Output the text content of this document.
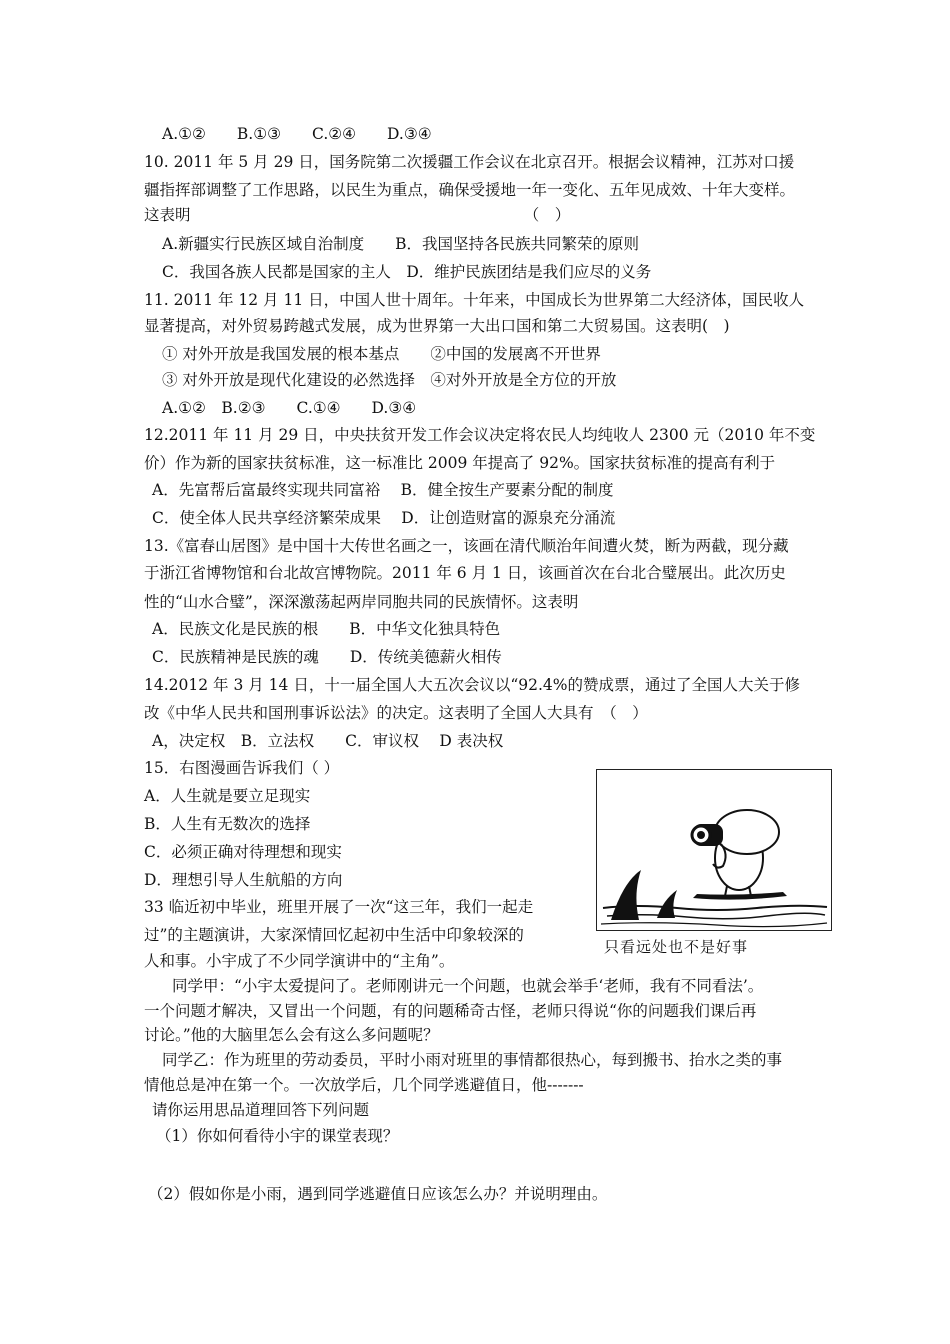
A.①②　　B.①③　　C.②④　　D.③④
10. 2011 年 5 月 29 日，国务院第二次援疆工作会议在北京召开。根据会议精神，江苏对口援
疆指挥部调整了工作思路，以民生为重点，确保受援地一年一变化、五年见成效、十年大变样。
这表明　　　　　　　　　　　　　　　　　　　　　　（　）
A.新疆实行民族区域自治制度　　B．我国坚持各民族共同繁荣的原则
C．我国各族人民都是国家的主人　D．维护民族团结是我们应尽的义务
11. 2011 年 12 月 11 日，中国人世十周年。十年来，中国成长为世界第二大经济体，国民收人
显著提高，对外贸易跨越式发展，成为世界第一大出口国和第二大贸易国。这表明(　)
① 对外开放是我国发展的根本基点　　②中国的发展离不开世界
③ 对外开放是现代化建设的必然选择　④对外开放是全方位的开放
A.①②　B.②③　　C.①④　　D.③④
12.2011 年 11 月 29 日，中央扶贫开发工作会议决定将农民人均纯收人 2300 元（2010 年不变
价）作为新的国家扶贫标准，这一标准比 2009 年提高了 92%。国家扶贫标准的提高有利于
A．先富帮后富最终实现共同富裕　 B．健全按生产要素分配的制度
C．使全体人民共享经济繁荣成果　 D．让创造财富的源泉充分涌流
13.《富春山居图》是中国十大传世名画之一，该画在清代顺治年间遭火焚，断为两截，现分藏
于浙江省博物馆和台北故宫博物院。2011 年 6 月 1 日，该画首次在台北合璧展出。此次历史
性的“山水合璧”，深深激荡起两岸同胞共同的民族情怀。这表明
A．民族文化是民族的根　　B．中华文化独具特色
C．民族精神是民族的魂　　D．传统美德薪火相传
14.2012 年 3 月 14 日，十一届全国人大五次会议以“92.4%的赞成票，通过了全国人大关于修
改《中华人民共和国刑事诉讼法》的决定。这表明了全国人大具有　（　）
A，决定权　B．立法权　　C．审议权　 D 表决权
15．右图漫画告诉我们（ ）
A．人生就是要立足现实
B．人生有无数次的选择
C．必须正确对待理想和现实
D．理想引导人生航船的方向
33 临近初中毕业，班里开展了一次“这三年，我们一起走
过”的主题演讲，大家深情回忆起初中生活中印象较深的
人和事。小宇成了不少同学演讲中的“主角”。
同学甲：“小宇太爱提问了。老师刚讲元一个问题，也就会举手‘老师，我有不同看法’。
一个问题才解决，又冒出一个问题，有的问题稀奇古怪，老师只得说“你的问题我们课后再
讨论。”他的大脑里怎么会有这么多问题呢？
同学乙：作为班里的劳动委员，平时小雨对班里的事情都很热心，每到搬书、抬水之类的事
情他总是冲在第一个。一次放学后，几个同学逃避值日，他-------
请你运用思品道理回答下列问题
（1）你如何看待小宇的课堂表现？
（2）假如你是小雨，遇到同学逃避值日应该怎么办？并说明理由。
只看远处也不是好事
